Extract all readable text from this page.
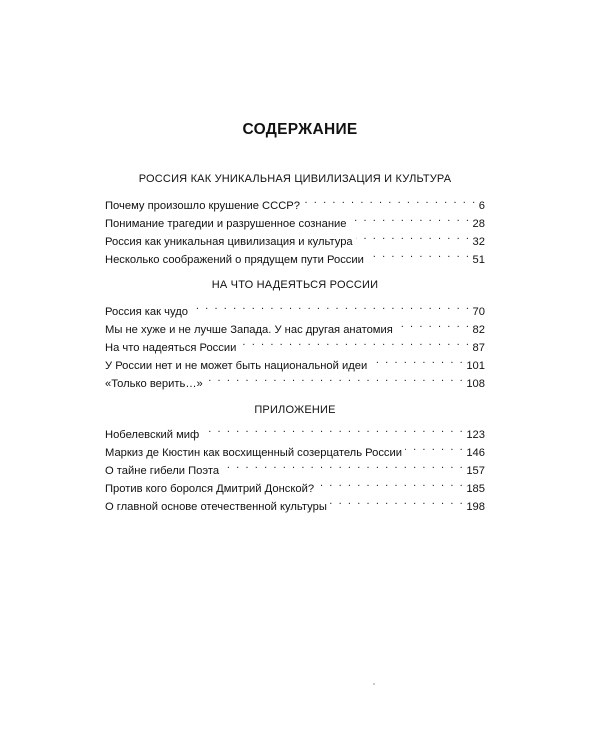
СОДЕРЖАНИЕ
РОССИЯ КАК УНИКАЛЬНАЯ ЦИВИЛИЗАЦИЯ И КУЛЬТУРА
Почему произошло крушение СССР? . . .	6
Понимание трагедии и разрушенное сознание . . .	28
Россия как уникальная цивилизация и культура . . .	32
Несколько соображений о прядущем пути России . . .	51
НА ЧТО НАДЕЯТЬСЯ РОССИИ
Россия как чудо . . .	70
Мы не хуже и не лучше Запада. У нас другая анатомия . . .	82
На что надеяться России . . .	87
У России нет и не может быть национальной идеи . . .	101
«Только верить…» . . .	108
ПРИЛОЖЕНИЕ
Нобелевский миф . . .	123
Маркиз де Кюстин как восхищенный созерцатель России . . .	146
О тайне гибели Поэта . . .	157
Против кого боролся Дмитрий Донской? . . .	185
О главной основе отечественной культуры . . .	198
